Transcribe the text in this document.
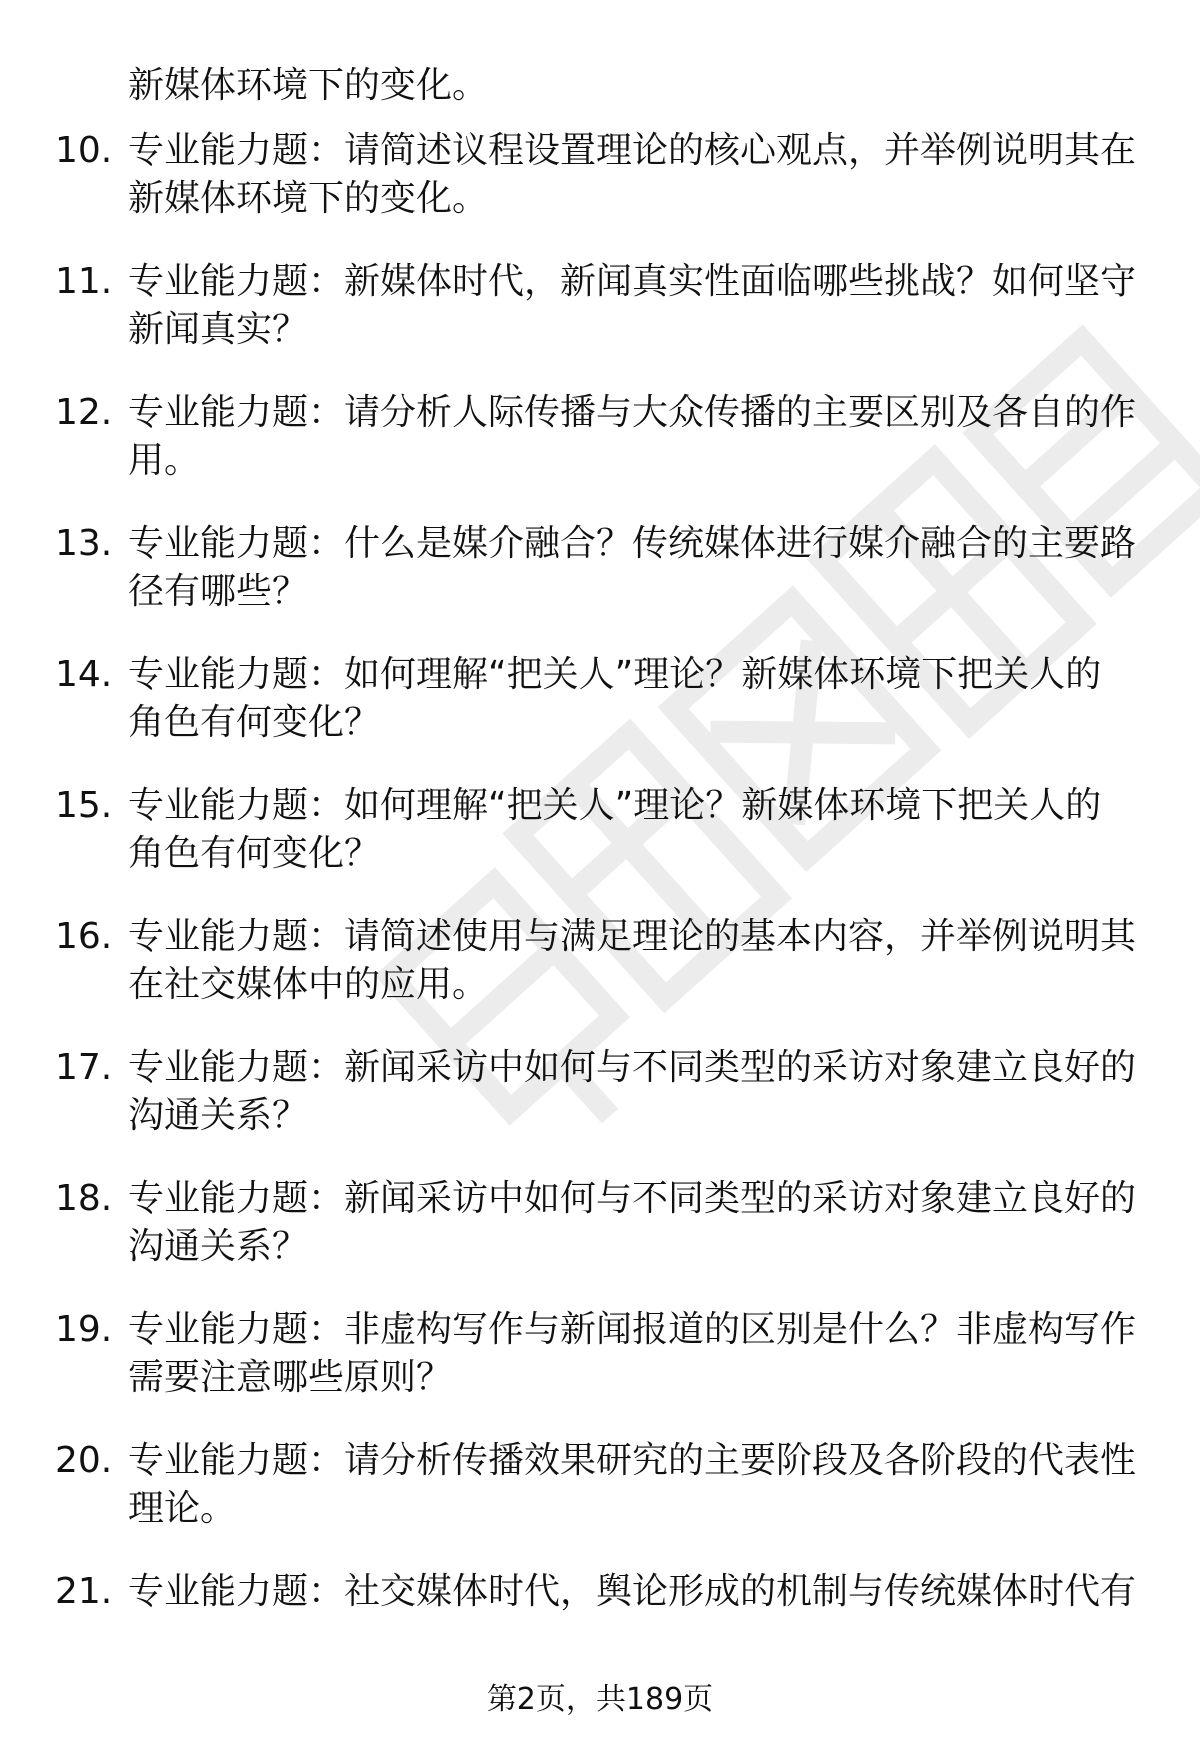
新媒体环境下的变化。
10. 专业能力题：请简述议程设置理论的核心观点，并举例说明其在
新媒体环境下的变化。
11. 专业能力题：新媒体时代，新闻真实性面临哪些挑战？如何坚守
新闻真实？
12. 专业能力题：请分析人际传播与大众传播的主要区别及各自的作
用。
13. 专业能力题：什么是媒介融合？传统媒体进行媒介融合的主要路
径有哪些？
14. 专业能力题：如何理解“把关人”理论？新媒体环境下把关人的
角色有何变化？
15. 专业能力题：如何理解“把关人”理论？新媒体环境下把关人的
角色有何变化？
16. 专业能力题：请简述使用与满足理论的基本内容，并举例说明其
在社交媒体中的应用。
17. 专业能力题：新闻采访中如何与不同类型的采访对象建立良好的
沟通关系？
18. 专业能力题：新闻采访中如何与不同类型的采访对象建立良好的
沟通关系？
19. 专业能力题：非虚构写作与新闻报道的区别是什么？非虚构写作
需要注意哪些原则？
20. 专业能力题：请分析传播效果研究的主要阶段及各阶段的代表性
理论。
21. 专业能力题：社交媒体时代，舆论形成的机制与传统媒体时代有
第2页，共189页
